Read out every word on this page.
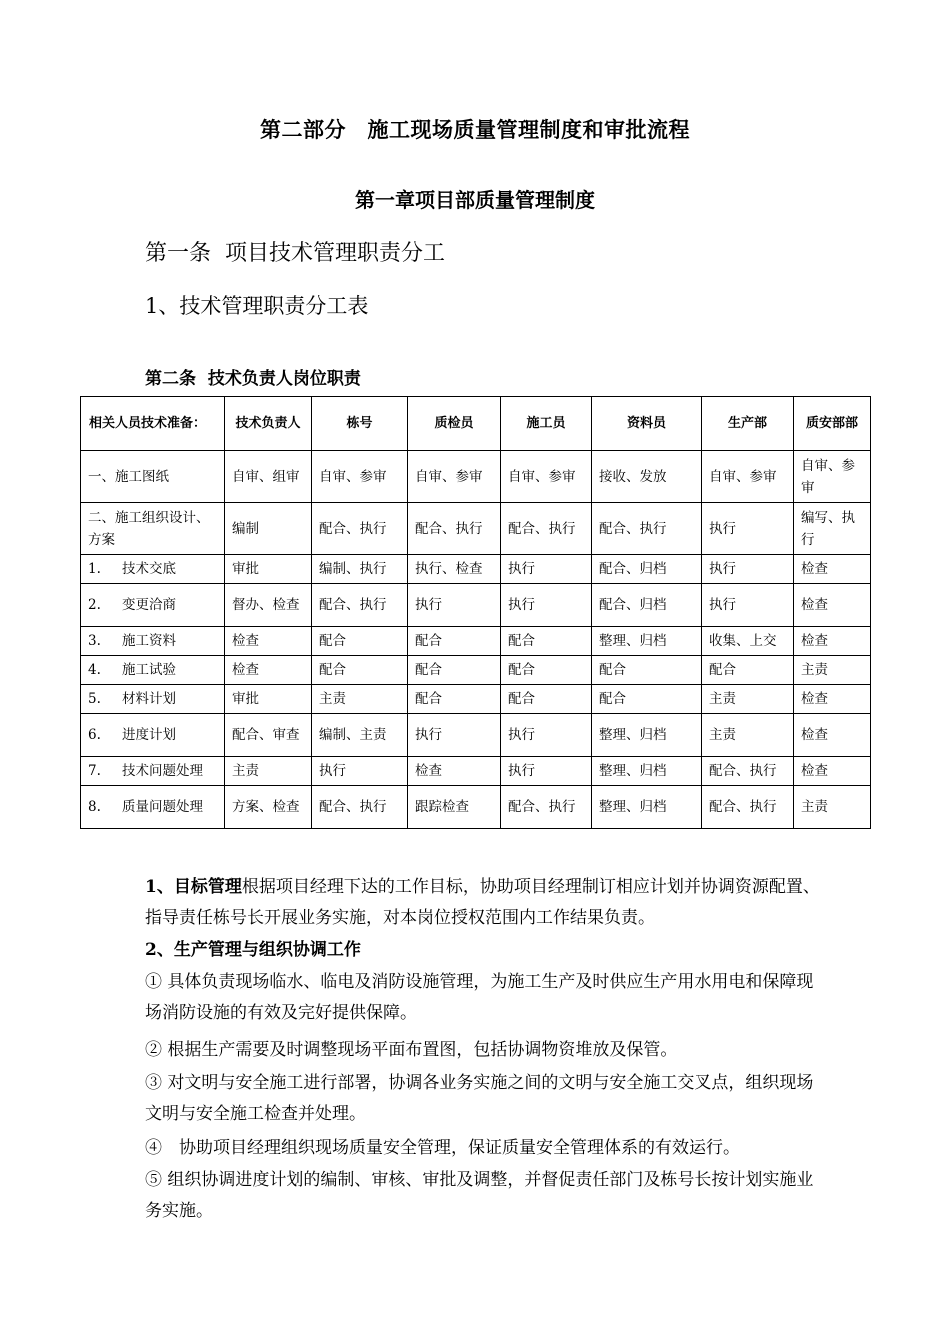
第二部分　施工现场质量管理制度和审批流程
第一章项目部质量管理制度
第一条  项目技术管理职责分工
1、技术管理职责分工表
第二条  技术负责人岗位职责
相关人员技术准备：	技术负责人	栋号	质检员	施工员	资料员	生产部	质安部部
一、施工图纸	自审、组审	自审、参审	自审、参审	自审、参审	接收、发放	自审、参审	自审、参审
二、施工组织设计、方案	编制	配合、执行	配合、执行	配合、执行	配合、执行	执行	编写、执行
1. 技术交底	审批	编制、执行	执行、检查	执行	配合、归档	执行	检查
2. 变更洽商	督办、检查	配合、执行	执行	执行	配合、归档	执行	检查
3. 施工资料	检查	配合	配合	配合	整理、归档	收集、上交	检查
4. 施工试验	检查	配合	配合	配合	配合	配合	主责
5. 材料计划	审批	主责	配合	配合	配合	主责	检查
6. 进度计划	配合、审查	编制、主责	执行	执行	整理、归档	主责	检查
7. 技术问题处理	主责	执行	检查	执行	整理、归档	配合、执行	检查
8. 质量问题处理	方案、检查	配合、执行	跟踪检查	配合、执行	整理、归档	配合、执行	主责
1、目标管理根据项目经理下达的工作目标，协助项目经理制订相应计划并协调资源配置、指导责任栋号长开展业务实施，对本岗位授权范围内工作结果负责。
2、生产管理与组织协调工作
① 具体负责现场临水、临电及消防设施管理，为施工生产及时供应生产用水用电和保障现场消防设施的有效及完好提供保障。
② 根据生产需要及时调整现场平面布置图，包括协调物资堆放及保管。
③ 对文明与安全施工进行部署，协调各业务实施之间的文明与安全施工交叉点，组织现场文明与安全施工检查并处理。
④　协助项目经理组织现场质量安全管理，保证质量安全管理体系的有效运行。
⑤ 组织协调进度计划的编制、审核、审批及调整，并督促责任部门及栋号长按计划实施业务实施。
